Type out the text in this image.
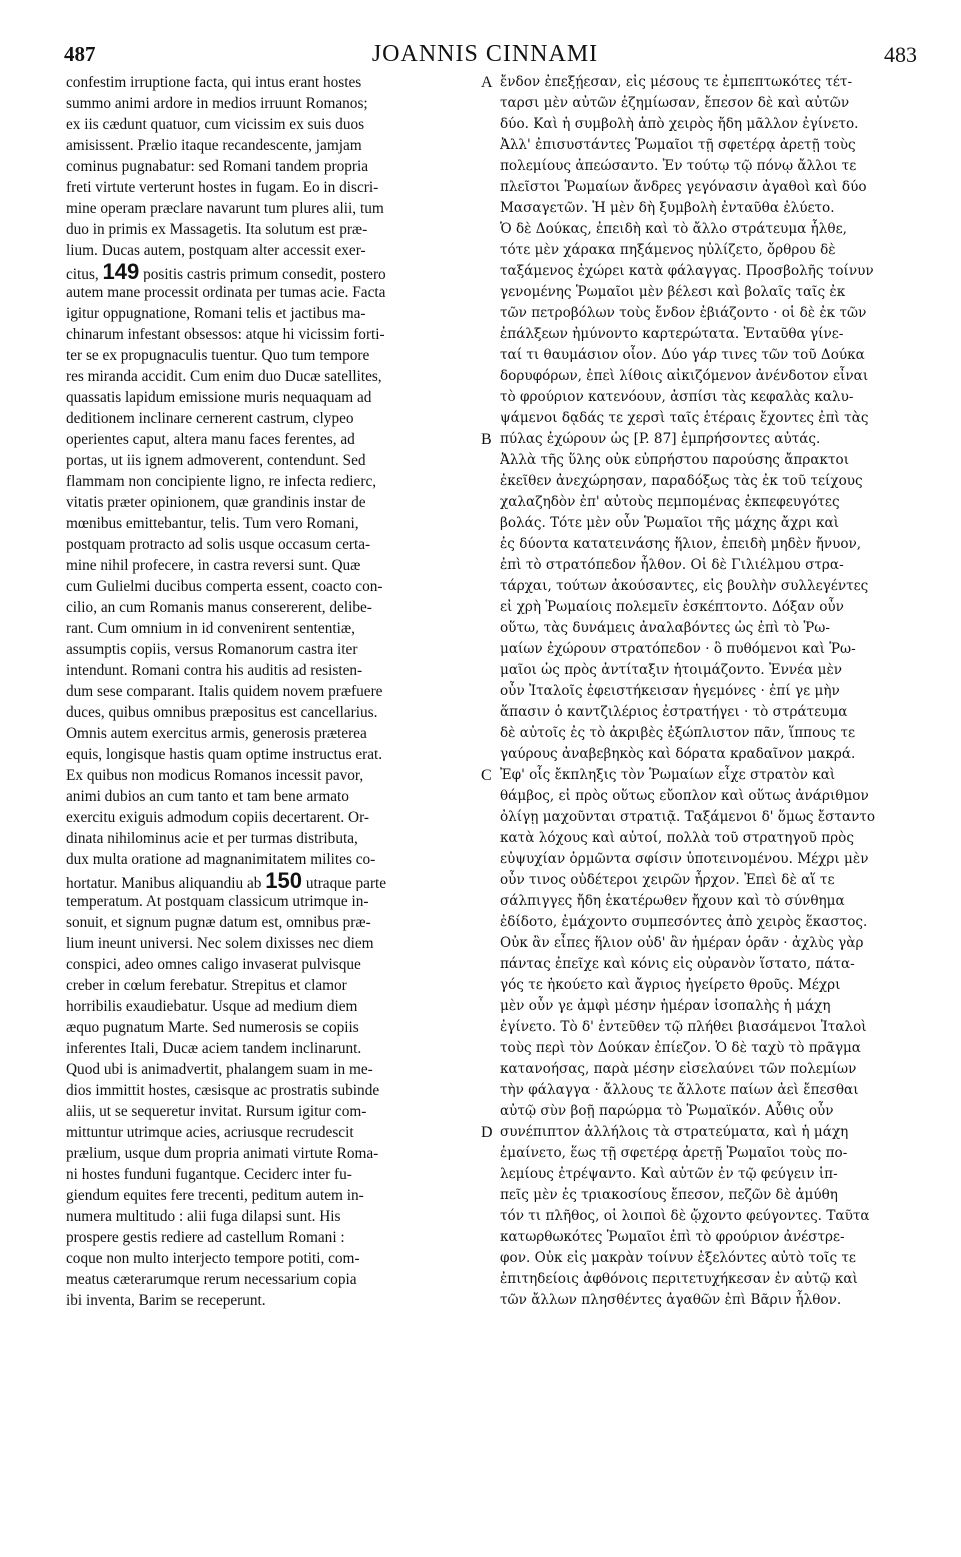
487	JOANNIS CINNAMI	483
confestim irruptione facta, qui intus erant hostes
summo animi ardore in medios irruunt Romanos;
ex iis cædunt quatuor, cum vicissim ex suis duos
amisissent. Prælio itaque recandescente, jamjam
cominus pugnabatur: sed Romani tandem propria
freti virtute verterunt hostes in fugam. Eo in discri-
mine operam præclare navarunt tum plures alii, tum
duo in primis ex Massagetis. Ita solutum est præ-
lium. Ducas autem, postquam alter accessit exer-
citus, 149 positis castris primum consedit, postero
autem mane processit ordinata per tumas acie. Facta
igitur oppugnatione, Romani telis et jactibus ma-
chinarum infestant obsessos: atque hi vicissim forti-
ter se ex propugnaculis tuentur. Quo tum tempore
res miranda accidit. Cum enim duo Ducæ satellites,
quassatis lapidum emissione muris nequaquam ad
deditionem inclinare cernerent castrum, clypeo
operientes caput, altera manu faces ferentes, ad
portas, ut iis ignem admoverent, contendunt. Sed
flammam non concipiente ligno, re infecta redierc,
vitatis præter opinionem, quæ grandinis instar de
mœnibus emittebantur, telis. Tum vero Romani,
postquam protracto ad solis usque occasum certa-
mine nihil profecere, in castra reversi sunt. Quæ
cum Gulielmi ducibus comperta essent, coacto con-
cilio, an cum Romanis manus consererent, delibe-
rant. Cum omnium in id convenirent sententiæ,
assumptis copiis, versus Romanorum castra iter
intendunt. Romani contra his auditis ad resisten-
dum sese comparant. Italis quidem novem præfuere
duces, quibus omnibus præpositus est cancellarius.
Omnis autem exercitus armis, generosis præterea
equis, longisque hastis quam optime instructus erat.
Ex quibus non modicus Romanos incessit pavor,
animi dubios an cum tanto et tam bene armato
exercitu exiguis admodum copiis decertarent. Or-
dinata nihilominus acie et per turmas distributa,
dux multa oratione ad magnanimitatem milites co-
hortatur. Manibus aliquandiu ab 150 utraque parte
temperatum. At postquam classicum utrimque in-
sonuit, et signum pugnæ datum est, omnibus præ-
lium ineunt universi. Nec solem dixisses nec diem
conspici, adeo omnes caligo invaserat pulvisque
creber in cœlum ferebatur. Strepitus et clamor
horribilis exaudiebatur. Usque ad medium diem
æquo pugnatum Marte. Sed numerosis se copiis
inferentes Itali, Ducæ aciem tandem inclinarunt.
Quod ubi is animadvertit, phalangem suam in me-
dios immittit hostes, cæsisque ac prostratis subinde
aliis, ut se sequeretur invitat. Rursum igitur com-
mittuntur utrimque acies, acriusque recrudescit
prælium, usque dum propria animati virtute Roma-
ni hostes funduni fugantque. Ceciderc inter fu-
giendum equites fere trecenti, peditum autem in-
numera multitudo : alii fuga dilapsi sunt. His
prospere gestis rediere ad castellum Romani :
coque non multo interjecto tempore potiti, com-
meatus cæterarumque rerum necessarium copia
ibi inventa, Barim se receperunt.
A
B
C
D
ἔνδον ἐπεξῄεσαν, εἰς μέσους τε ἐμπεπτωκότες τέτ-
ταρσι μὲν αὐτῶν ἐζημίωσαν, ἔπεσον δὲ καὶ αὐτῶν
δύο. Καὶ ἡ συμβολὴ ἀπὸ χειρὸς ἤδη μᾶλλον ἐγίνετο.
Ἀλλ' ἐπισυστάντες Ῥωμαῖοι τῇ σφετέρᾳ ἀρετῇ τοὺς
πολεμίους ἀπεώσαντο. Ἐν τούτῳ τῷ πόνῳ ἄλλοι τε
πλεῖστοι Ῥωμαίων ἄνδρες γεγόνασιν ἀγαθοὶ καὶ δύο
Μασαγετῶν. Ἡ μὲν δὴ ξυμβολὴ ἐνταῦθα ἐλύετο.
Ὁ δὲ Δούκας, ἐπειδὴ καὶ τὸ ἄλλο στράτευμα ἧλθε,
τότε μὲν χάρακα πηξάμενος ηὐλίζετο, ὄρθρου δὲ
ταξάμενος ἐχώρει κατὰ φάλαγγας. Προσβολῆς τοίνυν
γενομένης Ῥωμαῖοι μὲν βέλεσι καὶ βολαῖς ταῖς ἐκ
τῶν πετροβόλων τοὺς ἔνδον ἐβιάζοντο · οἱ δὲ ἐκ τῶν
ἐπάλξεων ἠμύνοντο καρτερώτατα. Ἐνταῦθα γίνε-
ταί τι θαυμάσιον οἷον. Δύο γάρ τινες τῶν τοῦ Δούκα
δορυφόρων, ἐπεὶ λίθοις αἰκιζόμενον ἀνένδοτον εἶναι
τὸ φρούριον κατενόουν, ἀσπίσι τὰς κεφαλὰς καλυ-
ψάμενοι δᾳδάς τε χερσὶ ταῖς ἑτέραις ἔχοντες ἐπὶ τὰς
πύλας ἐχώρουν ὡς [P. 87] ἐμπρήσοντες αὐτάς.
Ἀλλὰ τῆς ὕλης οὐκ εὐπρήστου παρούσης ἄπρακτοι
ἐκεῖθεν ἀνεχώρησαν, παραδόξως τὰς ἐκ τοῦ τείχους
χαλαζηδὸν ἐπ' αὐτοὺς πεμπομένας ἐκπεφευγότες
βολάς. Τότε μὲν οὖν Ῥωμαῖοι τῆς μάχης ἄχρι καὶ
ἐς δύοντα κατατεινάσης ἥλιον, ἐπειδὴ μηδὲν ἤνυον,
ἐπὶ τὸ στρατόπεδον ἧλθον. Οἱ δὲ Γιλιέλμου στρα-
τάρχαι, τούτων ἀκούσαντες, εἰς βουλὴν συλλεγέντες
εἰ χρὴ Ῥωμαίοις πολεμεῖν ἐσκέπτοντο. Δόξαν οὖν
οὕτω, τὰς δυνάμεις ἀναλαβόντες ὡς ἐπὶ τὸ Ῥω-
μαίων ἐχώρουν στρατόπεδον · ὃ πυθόμενοι καὶ Ῥω-
μαῖοι ὡς πρὸς ἀντίταξιν ἡτοιμάζοντο. Ἐννέα μὲν
οὖν Ἰταλοῖς ἐφειστήκεισαν ἡγεμόνες · ἐπί γε μὴν
ἅπασιν ὁ καντζιλέριος ἐστρατήγει · τὸ στράτευμα
δὲ αὐτοῖς ἐς τὸ ἀκριβὲς ἐξώπλιστον πᾶν, ἵππους τε
γαύρους ἀναβεβηκὸς καὶ δόρατα κραδαῖνον μακρά.
Ἐφ' οἷς ἔκπληξις τὸν Ῥωμαίων εἶχε στρατὸν καὶ
θάμβος, εἰ πρὸς οὕτως εὔοπλον καὶ οὕτως ἀνάριθμον
ὀλίγῃ μαχοῦνται στρατιᾷ. Ταξάμενοι δ' ὅμως ἔσταντο
κατὰ λόχους καὶ αὐτοί, πολλὰ τοῦ στρατηγοῦ πρὸς
εὐψυχίαν ὁρμῶντα σφίσιν ὑποτεινομένου. Μέχρι μὲν
οὖν τινος οὐδέτεροι χειρῶν ἦρχον. Ἐπεὶ δὲ αἵ τε
σάλπιγγες ἤδη ἑκατέρωθεν ἤχουν καὶ τὸ σύνθημα
ἐδίδοτο, ἐμάχοντο συμπεσόντες ἀπὸ χειρὸς ἕκαστος.
Οὐκ ἂν εἶπες ἥλιον οὐδ' ἂν ἡμέραν ὁρᾶν · ἀχλὺς γὰρ
πάντας ἐπεῖχε καὶ κόνις εἰς οὐρανὸν ἵστατο, πάτα-
γός τε ἠκούετο καὶ ἄγριος ἠγείρετο θροῦς. Μέχρι
μὲν οὖν γε ἀμφὶ μέσην ἡμέραν ἰσοπαλὴς ἡ μάχη
ἐγίνετο. Τὸ δ' ἐντεῦθεν τῷ πλήθει βιασάμενοι Ἰταλοὶ
τοὺς περὶ τὸν Δούκαν ἐπίεζον. Ὁ δὲ ταχὺ τὸ πρᾶγμα
κατανοήσας, παρὰ μέσην εἰσελαύνει τῶν πολεμίων
τὴν φάλαγγα · ἄλλους τε ἄλλοτε παίων ἀεὶ ἔπεσθαι
αὐτῷ σὺν βοῇ παρώρμα τὸ Ῥωμαϊκόν. Αὖθις οὖν
συνέπιπτον ἀλλήλοις τὰ στρατεύματα, καὶ ἡ μάχη
ἐμαίνετο, ἕως τῇ σφετέρᾳ ἀρετῇ Ῥωμαῖοι τοὺς πο-
λεμίους ἐτρέψαντο. Καὶ αὐτῶν ἐν τῷ φεύγειν ἱπ-
πεῖς μὲν ἐς τριακοσίους ἔπεσον, πεζῶν δὲ ἀμύθη
τόν τι πλῆθος, οἱ λοιποὶ δὲ ᾤχοντο φεύγοντες. Ταῦτα
κατωρθωκότες Ῥωμαῖοι ἐπὶ τὸ φρούριον ἀνέστρε-
φον. Οὐκ εἰς μακρὰν τοίνυν ἐξελόντες αὐτὸ τοῖς τε
ἐπιτηδείοις ἀφθόνοις περιτετυχήκεσαν ἐν αὐτῷ καὶ
τῶν ἄλλων πλησθέντες ἀγαθῶν ἐπὶ Βᾶριν ἧλθον.
